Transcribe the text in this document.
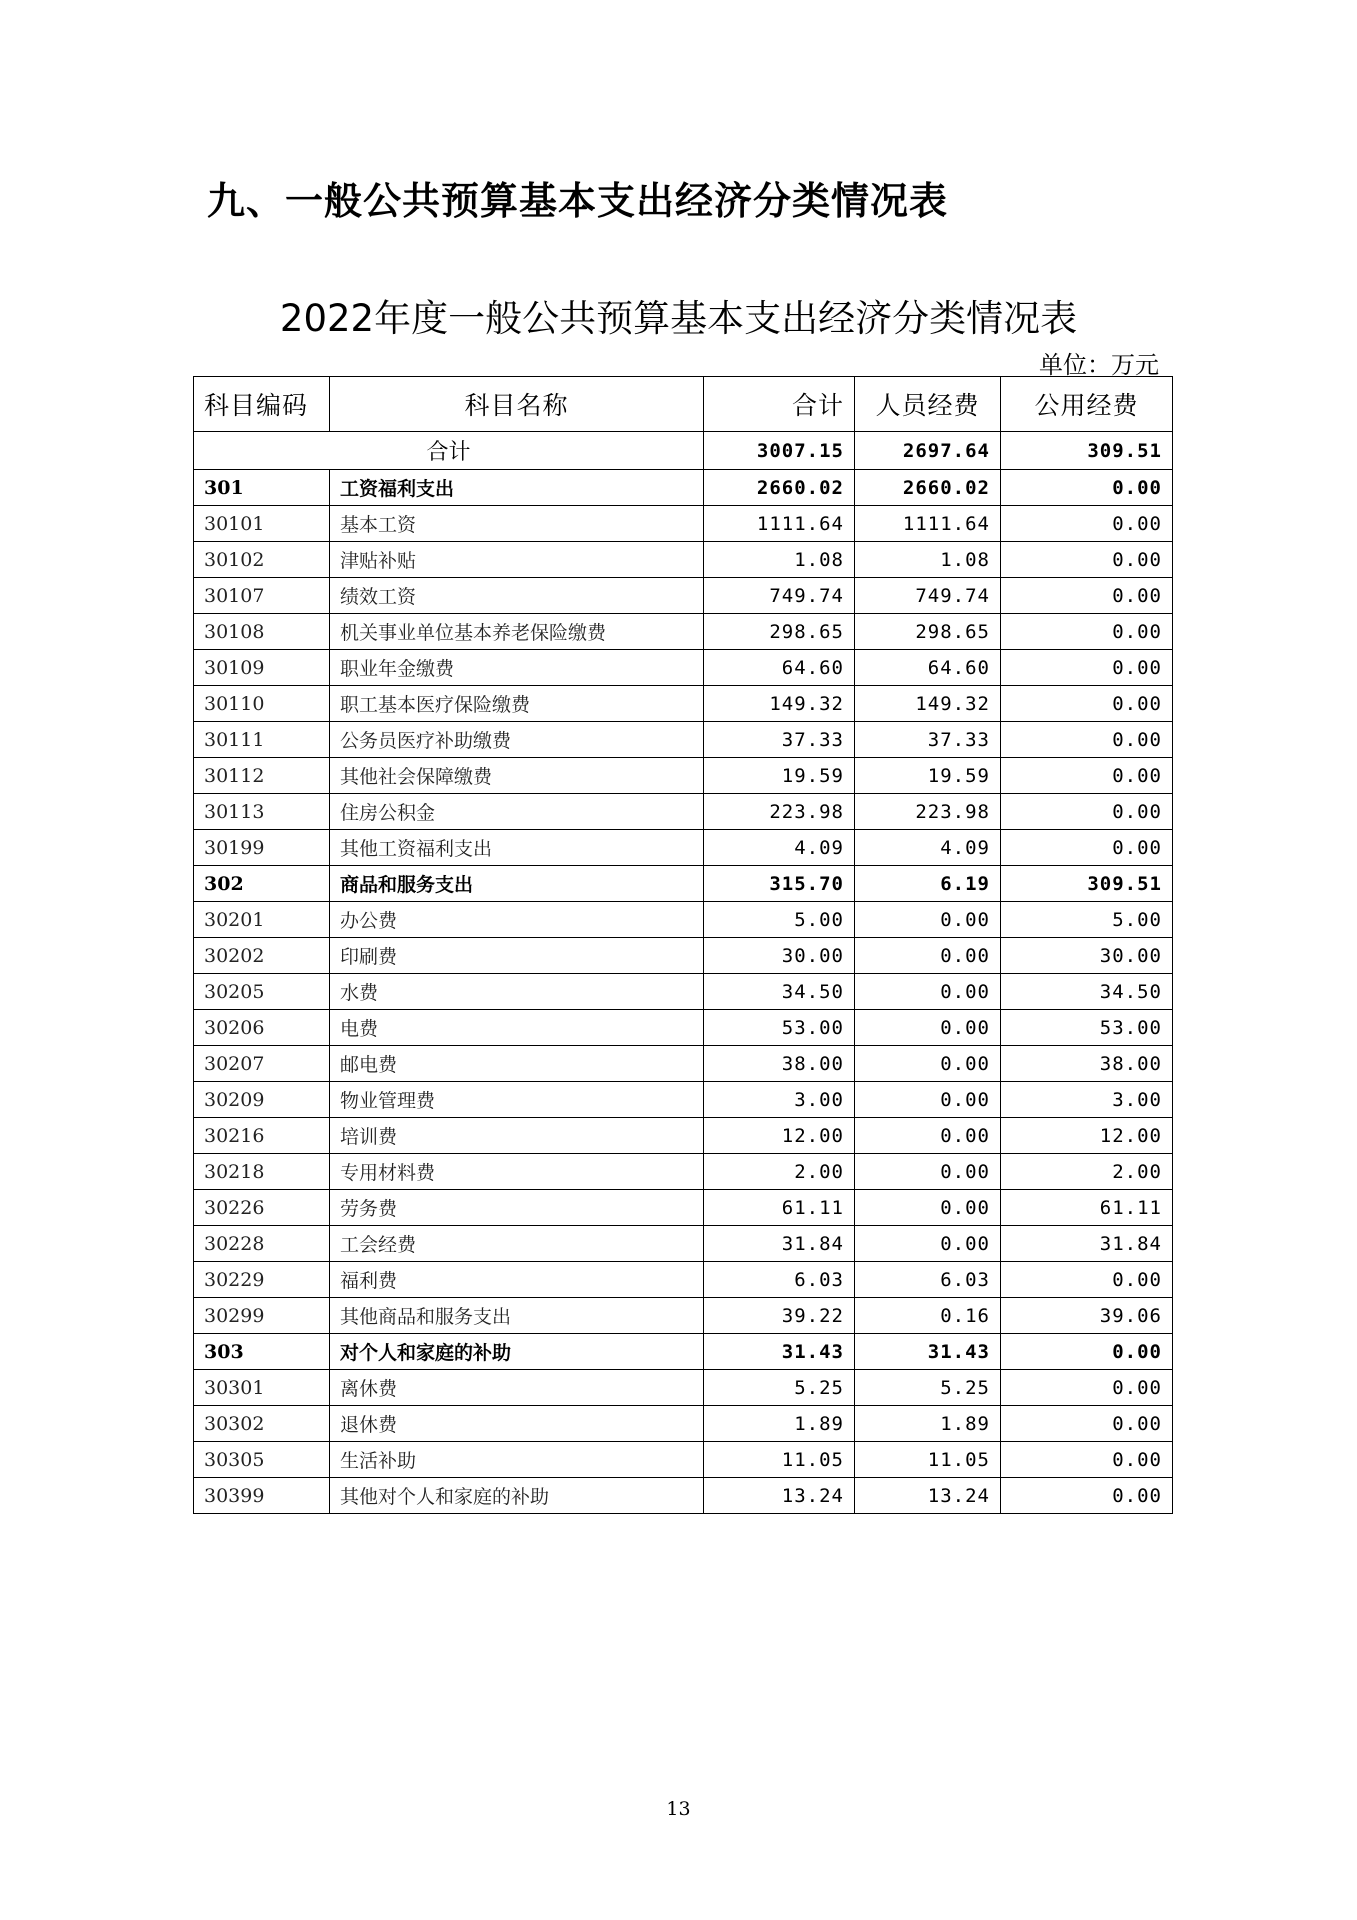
九、一般公共预算基本支出经济分类情况表
2022年度一般公共预算基本支出经济分类情况表
单位：万元
科目编码	科目名称	合计	人员经费	公用经费
合计		3007.15	2697.64	309.51
301	工资福利支出	2660.02	2660.02	0.00
30101	基本工资	1111.64	1111.64	0.00
30102	津贴补贴	1.08	1.08	0.00
30107	绩效工资	749.74	749.74	0.00
30108	机关事业单位基本养老保险缴费	298.65	298.65	0.00
30109	职业年金缴费	64.60	64.60	0.00
30110	职工基本医疗保险缴费	149.32	149.32	0.00
30111	公务员医疗补助缴费	37.33	37.33	0.00
30112	其他社会保障缴费	19.59	19.59	0.00
30113	住房公积金	223.98	223.98	0.00
30199	其他工资福利支出	4.09	4.09	0.00
302	商品和服务支出	315.70	6.19	309.51
30201	办公费	5.00	0.00	5.00
30202	印刷费	30.00	0.00	30.00
30205	水费	34.50	0.00	34.50
30206	电费	53.00	0.00	53.00
30207	邮电费	38.00	0.00	38.00
30209	物业管理费	3.00	0.00	3.00
30216	培训费	12.00	0.00	12.00
30218	专用材料费	2.00	0.00	2.00
30226	劳务费	61.11	0.00	61.11
30228	工会经费	31.84	0.00	31.84
30229	福利费	6.03	6.03	0.00
30299	其他商品和服务支出	39.22	0.16	39.06
303	对个人和家庭的补助	31.43	31.43	0.00
30301	离休费	5.25	5.25	0.00
30302	退休费	1.89	1.89	0.00
30305	生活补助	11.05	11.05	0.00
30399	其他对个人和家庭的补助	13.24	13.24	0.00
13
